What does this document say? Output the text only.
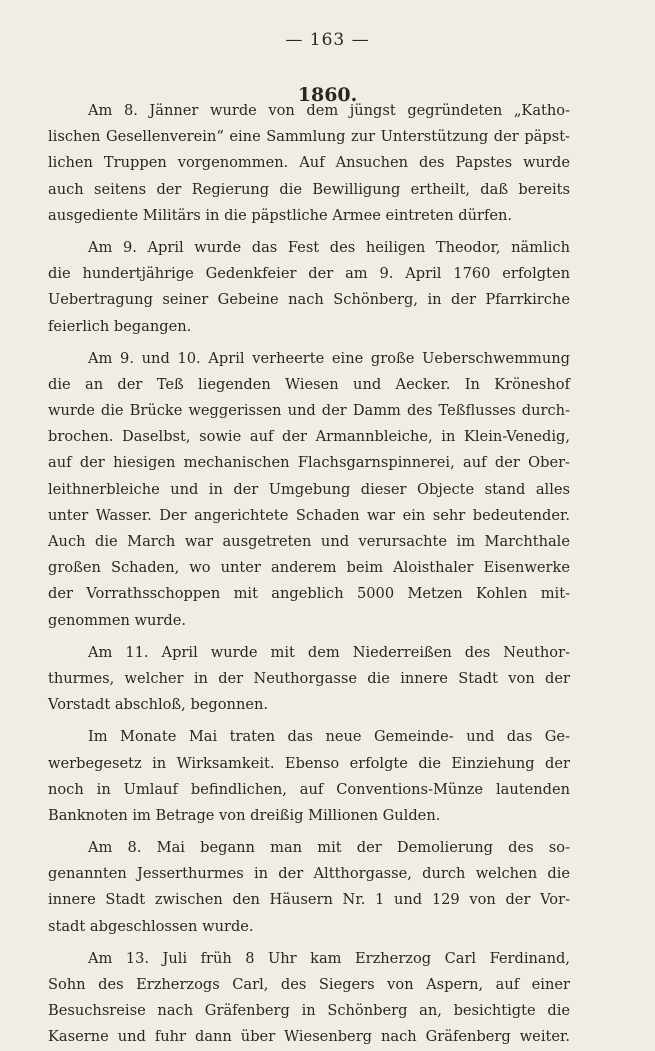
— 163 —
1860.
Am 8. Jänner wurde von dem jüngst gegründeten „Katho-
lischen Gesellenverein“ eine Sammlung zur Unterstützung der päpst-
lichen Truppen vorgenommen. Auf Ansuchen des Papstes wurde
auch seitens der Regierung die Bewilligung ertheilt, daß bereits
ausgediente Militärs in die päpstliche Armee eintreten dürfen.
Am 9. April wurde das Fest des heiligen Theodor, nämlich
die hundertjährige Gedenkfeier der am 9. April 1760 erfolgten
Uebertragung seiner Gebeine nach Schönberg, in der Pfarrkirche
feierlich begangen.
Am 9. und 10. April verheerte eine große Ueberschwemmung
die an der Teß liegenden Wiesen und Aecker. In Kröneshof
wurde die Brücke weggerissen und der Damm des Teßflusses durch-
brochen. Daselbst, sowie auf der Armannbleiche, in Klein-Venedig,
auf der hiesigen mechanischen Flachsgarnspinnerei, auf der Ober-
leithnerbleiche und in der Umgebung dieser Objecte stand alles
unter Wasser. Der angerichtete Schaden war ein sehr bedeutender.
Auch die March war ausgetreten und verursachte im Marchthale
großen Schaden, wo unter anderem beim Aloisthaler Eisenwerke
der Vorrathsschoppen mit angeblich 5000 Metzen Kohlen mit-
genommen wurde.
Am 11. April wurde mit dem Niederreißen des Neuthor-
thurmes, welcher in der Neuthorgasse die innere Stadt von der
Vorstadt abschloß, begonnen.
Im Monate Mai traten das neue Gemeinde- und das Ge-
werbegesetz in Wirksamkeit. Ebenso erfolgte die Einziehung der
noch in Umlauf befindlichen, auf Conventions-Münze lautenden
Banknoten im Betrage von dreißig Millionen Gulden.
Am 8. Mai begann man mit der Demolierung des so-
genannten Jesserthurmes in der Altthorgasse, durch welchen die
innere Stadt zwischen den Häusern Nr. 1 und 129 von der Vor-
stadt abgeschlossen wurde.
Am 13. Juli früh 8 Uhr kam Erzherzog Carl Ferdinand,
Sohn des Erzherzogs Carl, des Siegers von Aspern, auf einer
Besuchsreise nach Gräfenberg in Schönberg an, besichtigte die
Kaserne und fuhr dann über Wiesenberg nach Gräfenberg weiter.
